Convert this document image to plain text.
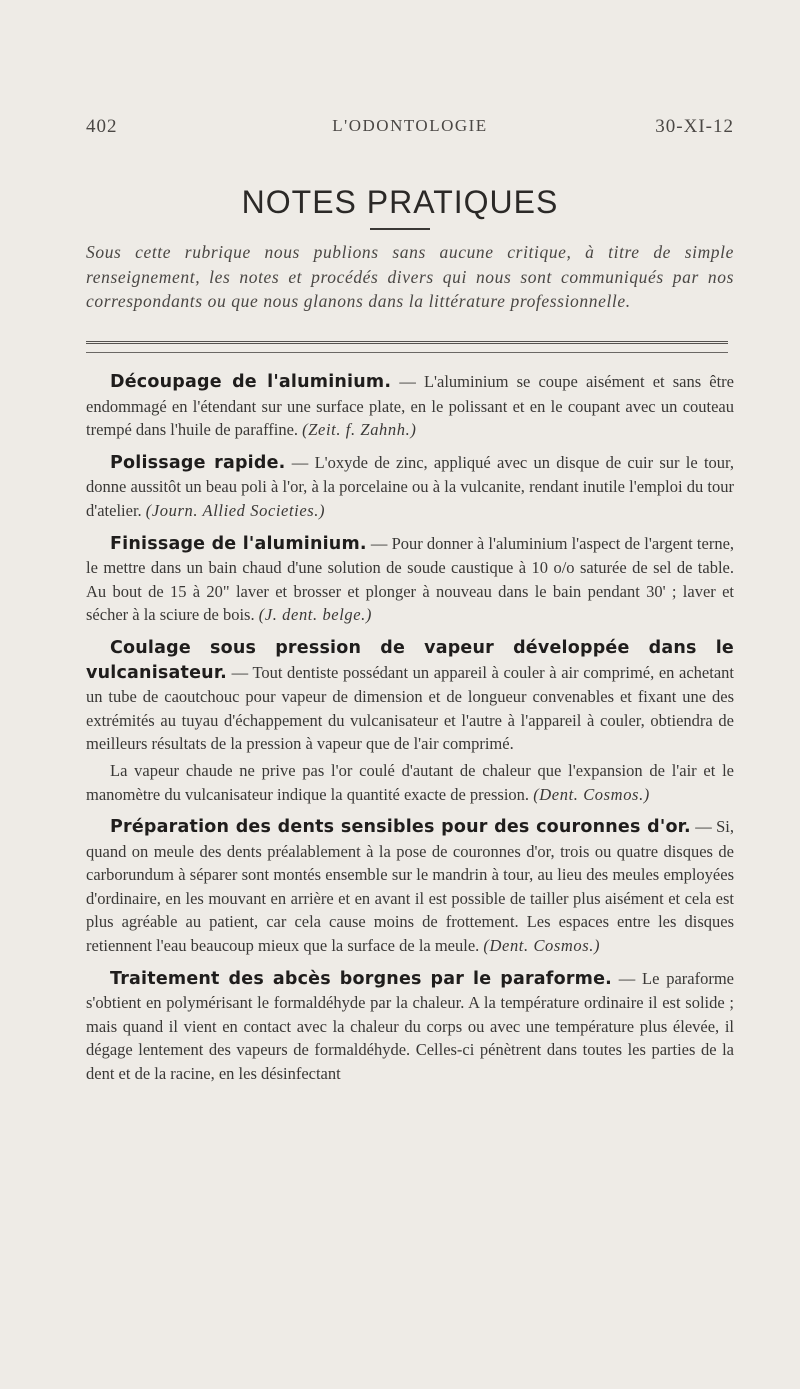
402	L'ODONTOLOGIE	30-XI-12
NOTES PRATIQUES
Sous cette rubrique nous publions sans aucune critique, à titre de simple renseignement, les notes et procédés divers qui nous sont communiqués par nos correspondants ou que nous glanons dans la littérature professionnelle.

Découpage de l'aluminium. — L'aluminium se coupe aisément et sans être endommagé en l'étendant sur une surface plate, en le polissant et en le coupant avec un couteau trempé dans l'huile de paraffine. (Zeit. f. Zahnh.)

Polissage rapide. — L'oxyde de zinc, appliqué avec un disque de cuir sur le tour, donne aussitôt un beau poli à l'or, à la porcelaine ou à la vulcanite, rendant inutile l'emploi du tour d'atelier. (Journ. Allied Societies.)

Finissage de l'aluminium. — Pour donner à l'aluminium l'aspect de l'argent terne, le mettre dans un bain chaud d'une solution de soude caustique à 10 o/o saturée de sel de table. Au bout de 15 à 20" laver et brosser et plonger à nouveau dans le bain pendant 30' ; laver et sécher à la sciure de bois. (J. dent. belge.)

Coulage sous pression de vapeur développée dans le vulcanisateur. — Tout dentiste possédant un appareil à couler à air comprimé, en achetant un tube de caoutchouc pour vapeur de dimension et de longueur convenables et fixant une des extrémités au tuyau d'échappement du vulcanisateur et l'autre à l'appareil à couler, obtiendra de meilleurs résultats de la pression à vapeur que de l'air comprimé.

La vapeur chaude ne prive pas l'or coulé d'autant de chaleur que l'expansion de l'air et le manomètre du vulcanisateur indique la quantité exacte de pression. (Dent. Cosmos.)

Préparation des dents sensibles pour des couronnes d'or. — Si, quand on meule des dents préalablement à la pose de couronnes d'or, trois ou quatre disques de carborundum à séparer sont montés ensemble sur le mandrin à tour, au lieu des meules employées d'ordinaire, en les mouvant en arrière et en avant il est possible de tailler plus aisément et cela est plus agréable au patient, car cela cause moins de frottement. Les espaces entre les disques retiennent l'eau beaucoup mieux que la surface de la meule. (Dent. Cosmos.)

Traitement des abcès borgnes par le paraforme. — Le paraforme s'obtient en polymérisant le formaldéhyde par la chaleur. A la température ordinaire il est solide ; mais quand il vient en contact avec la chaleur du corps ou avec une température plus élevée, il dégage lentement des vapeurs de formaldéhyde. Celles-ci pénètrent dans toutes les parties de la dent et de la racine, en les désinfectant
